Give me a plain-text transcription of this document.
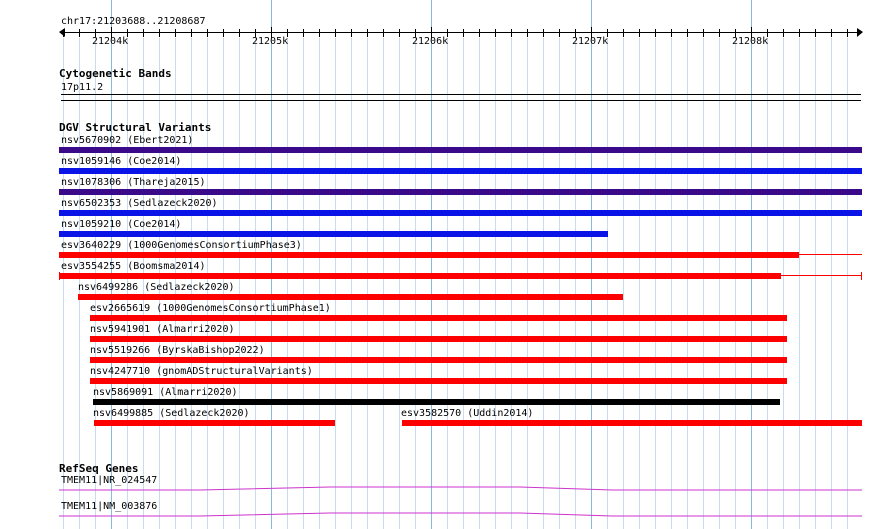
chr17:21203688..21208687
21204k	21205k	21206k	21207k	21208k
Cytogenetic Bands
17p11.2
DGV Structural Variants
nsv5670902 (Ebert2021)
nsv1059146 (Coe2014)
nsv1078306 (Thareja2015)
nsv6502353 (Sedlazeck2020)
nsv1059210 (Coe2014)
esv3640229 (1000GenomesConsortiumPhase3)
esv3554255 (Boomsma2014)
nsv6499286 (Sedlazeck2020)
esv2665619 (1000GenomesConsortiumPhase1)
nsv5941901 (Almarri2020)
nsv5519266 (ByrskaBishop2022)
nsv4247710 (gnomADStructuralVariants)
nsv5869091 (Almarri2020)
nsv6499885 (Sedlazeck2020)	esv3582570 (Uddin2014)
RefSeq Genes
TMEM11|NR_024547
TMEM11|NM_003876
